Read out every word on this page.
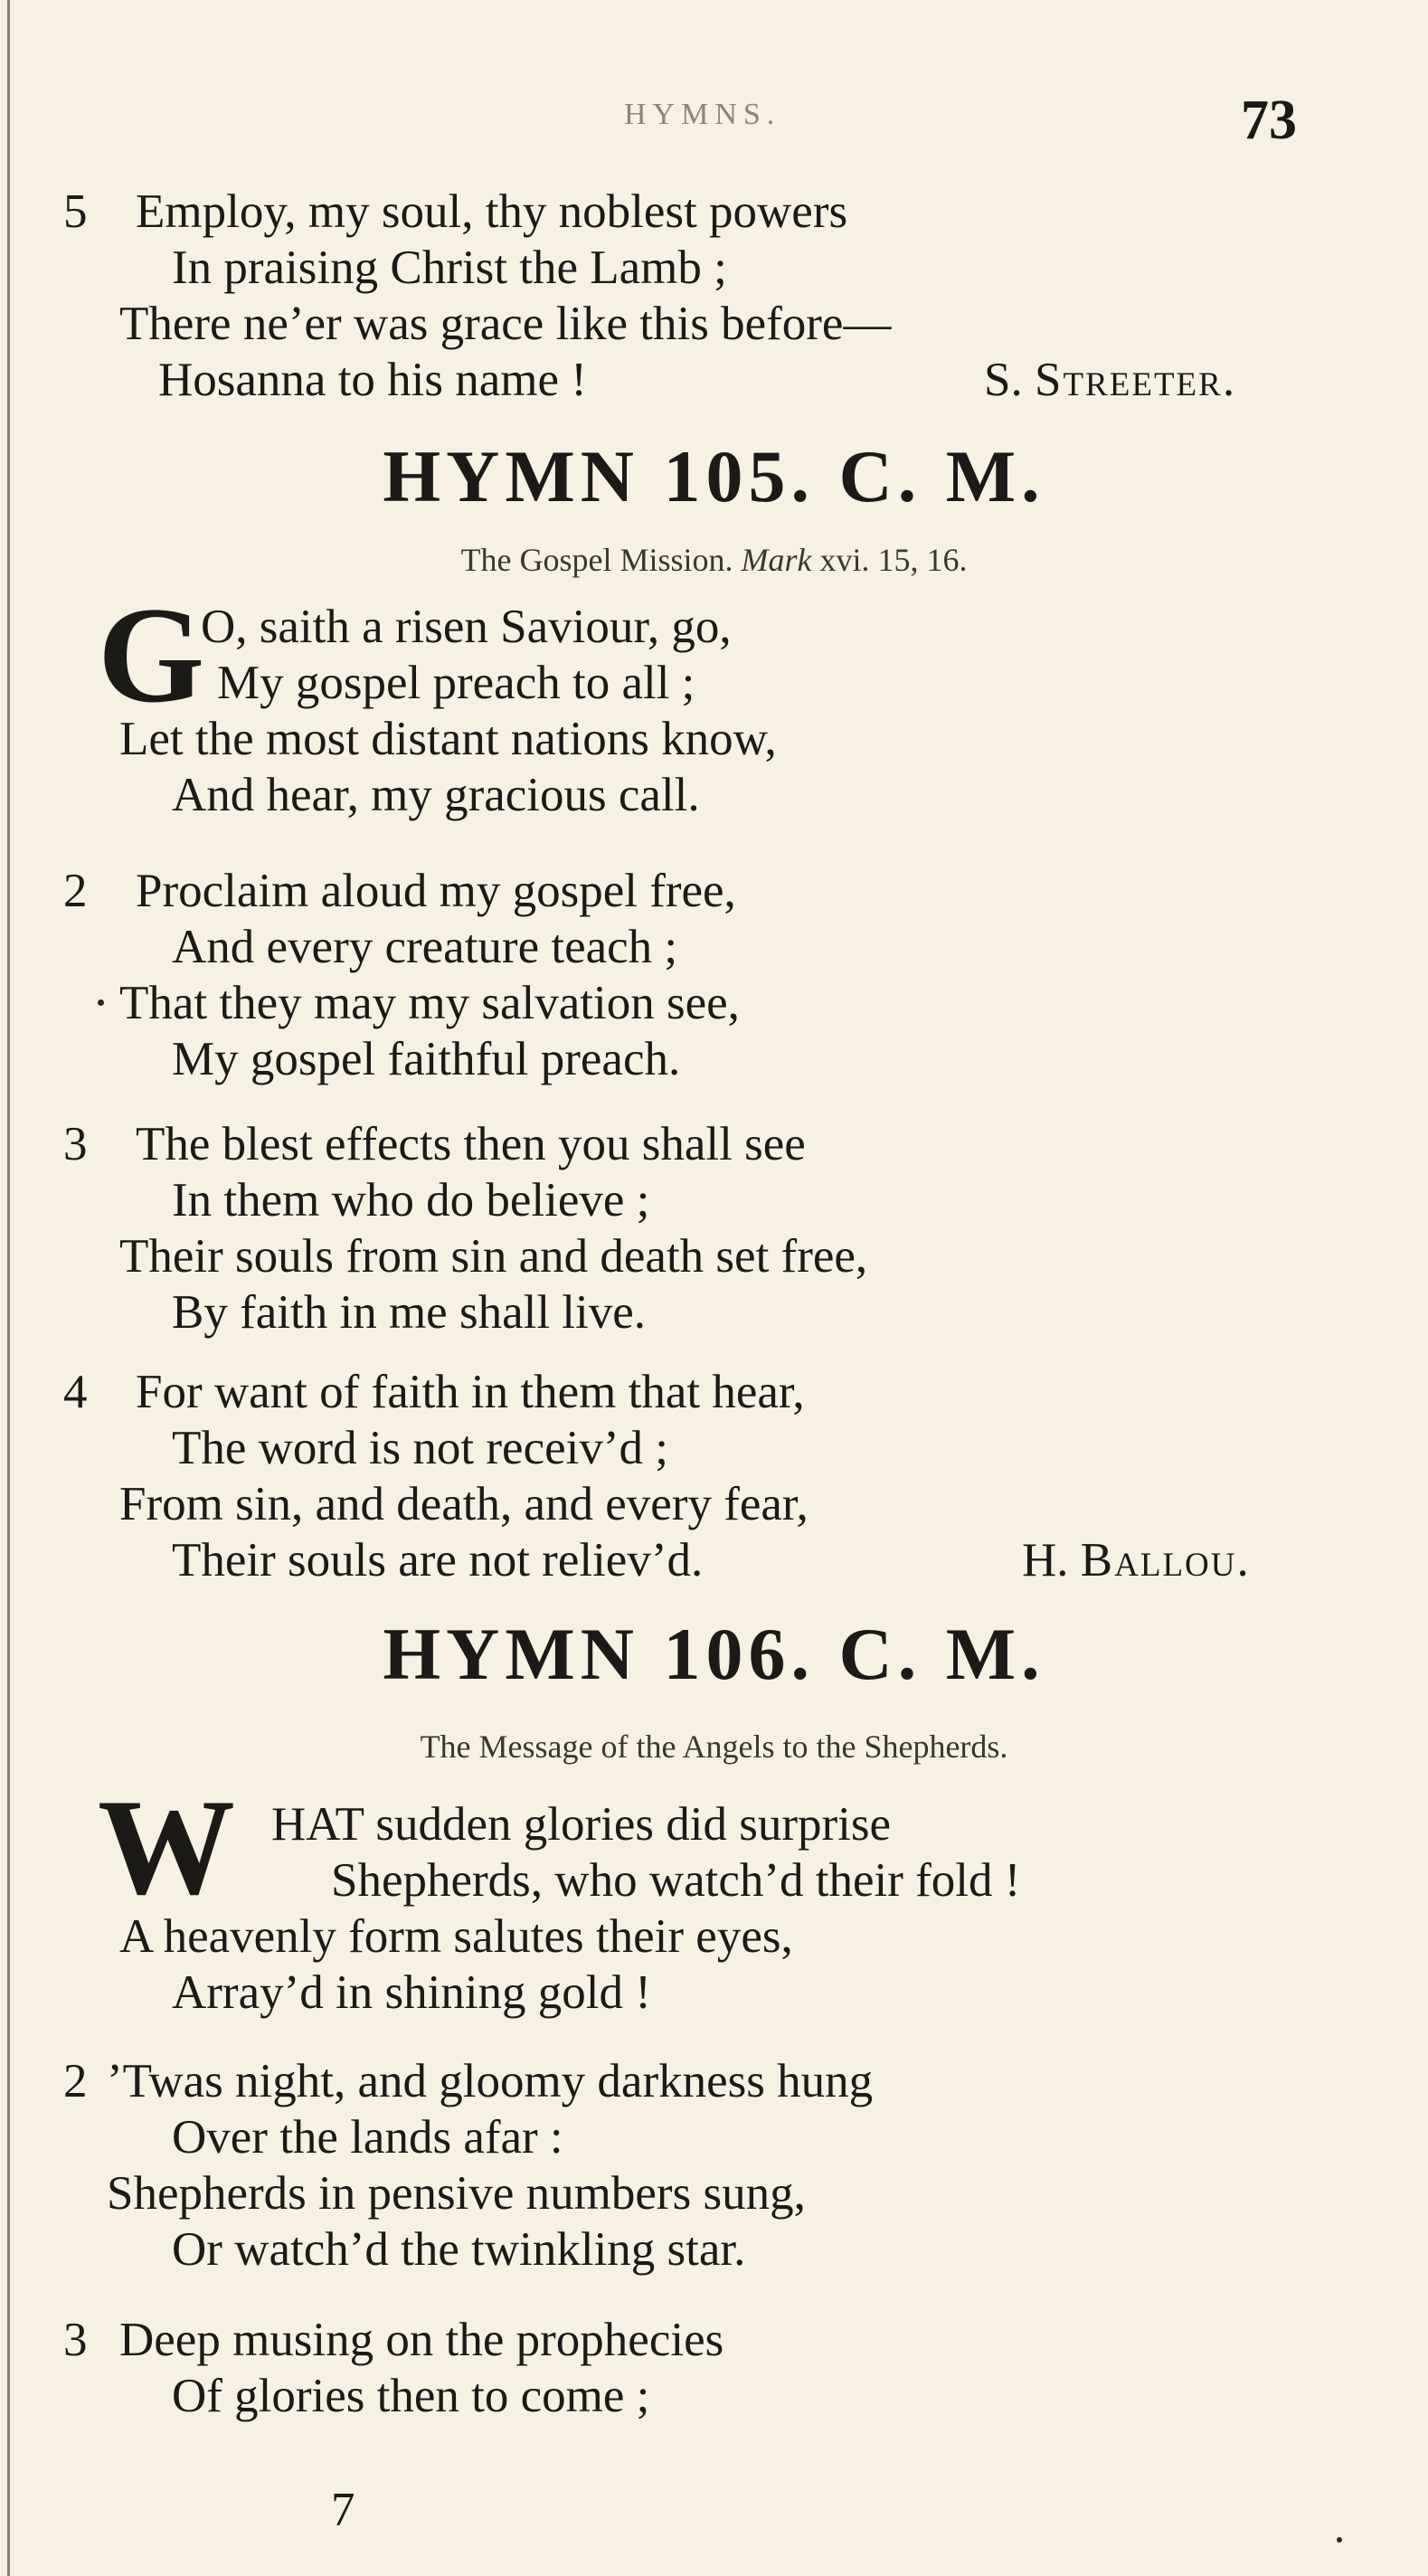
HYMNS.	73
5 Employ, my soul, thy noblest powers
In praising Christ the Lamb ;
There ne’er was grace like this before—
Hosanna to his name !	S. Streeter.
HYMN 105. C. M.
The Gospel Mission. Mark xvi. 15, 16.
G
O, saith a risen Saviour, go,
My gospel preach to all ;
Let the most distant nations know,
And hear, my gracious call.
2 Proclaim aloud my gospel free,
And every creature teach ;
That they may my salvation see,
My gospel faithful preach.
3 The blest effects then you shall see
In them who do believe ;
Their souls from sin and death set free,
By faith in me shall live.
4 For want of faith in them that hear,
The word is not receiv’d ;
From sin, and death, and every fear,
Their souls are not reliev’d.	H. Ballou.
HYMN 106. C. M.
The Message of the Angels to the Shepherds.
W HAT sudden glories did surprise
Shepherds, who watch’d their fold !
A heavenly form salutes their eyes,
Array’d in shining gold !
2 ’Twas night, and gloomy darkness hung
Over the lands afar :
Shepherds in pensive numbers sung,
Or watch’d the twinkling star.
3 Deep musing on the prophecies
Of glories then to come ;
7
